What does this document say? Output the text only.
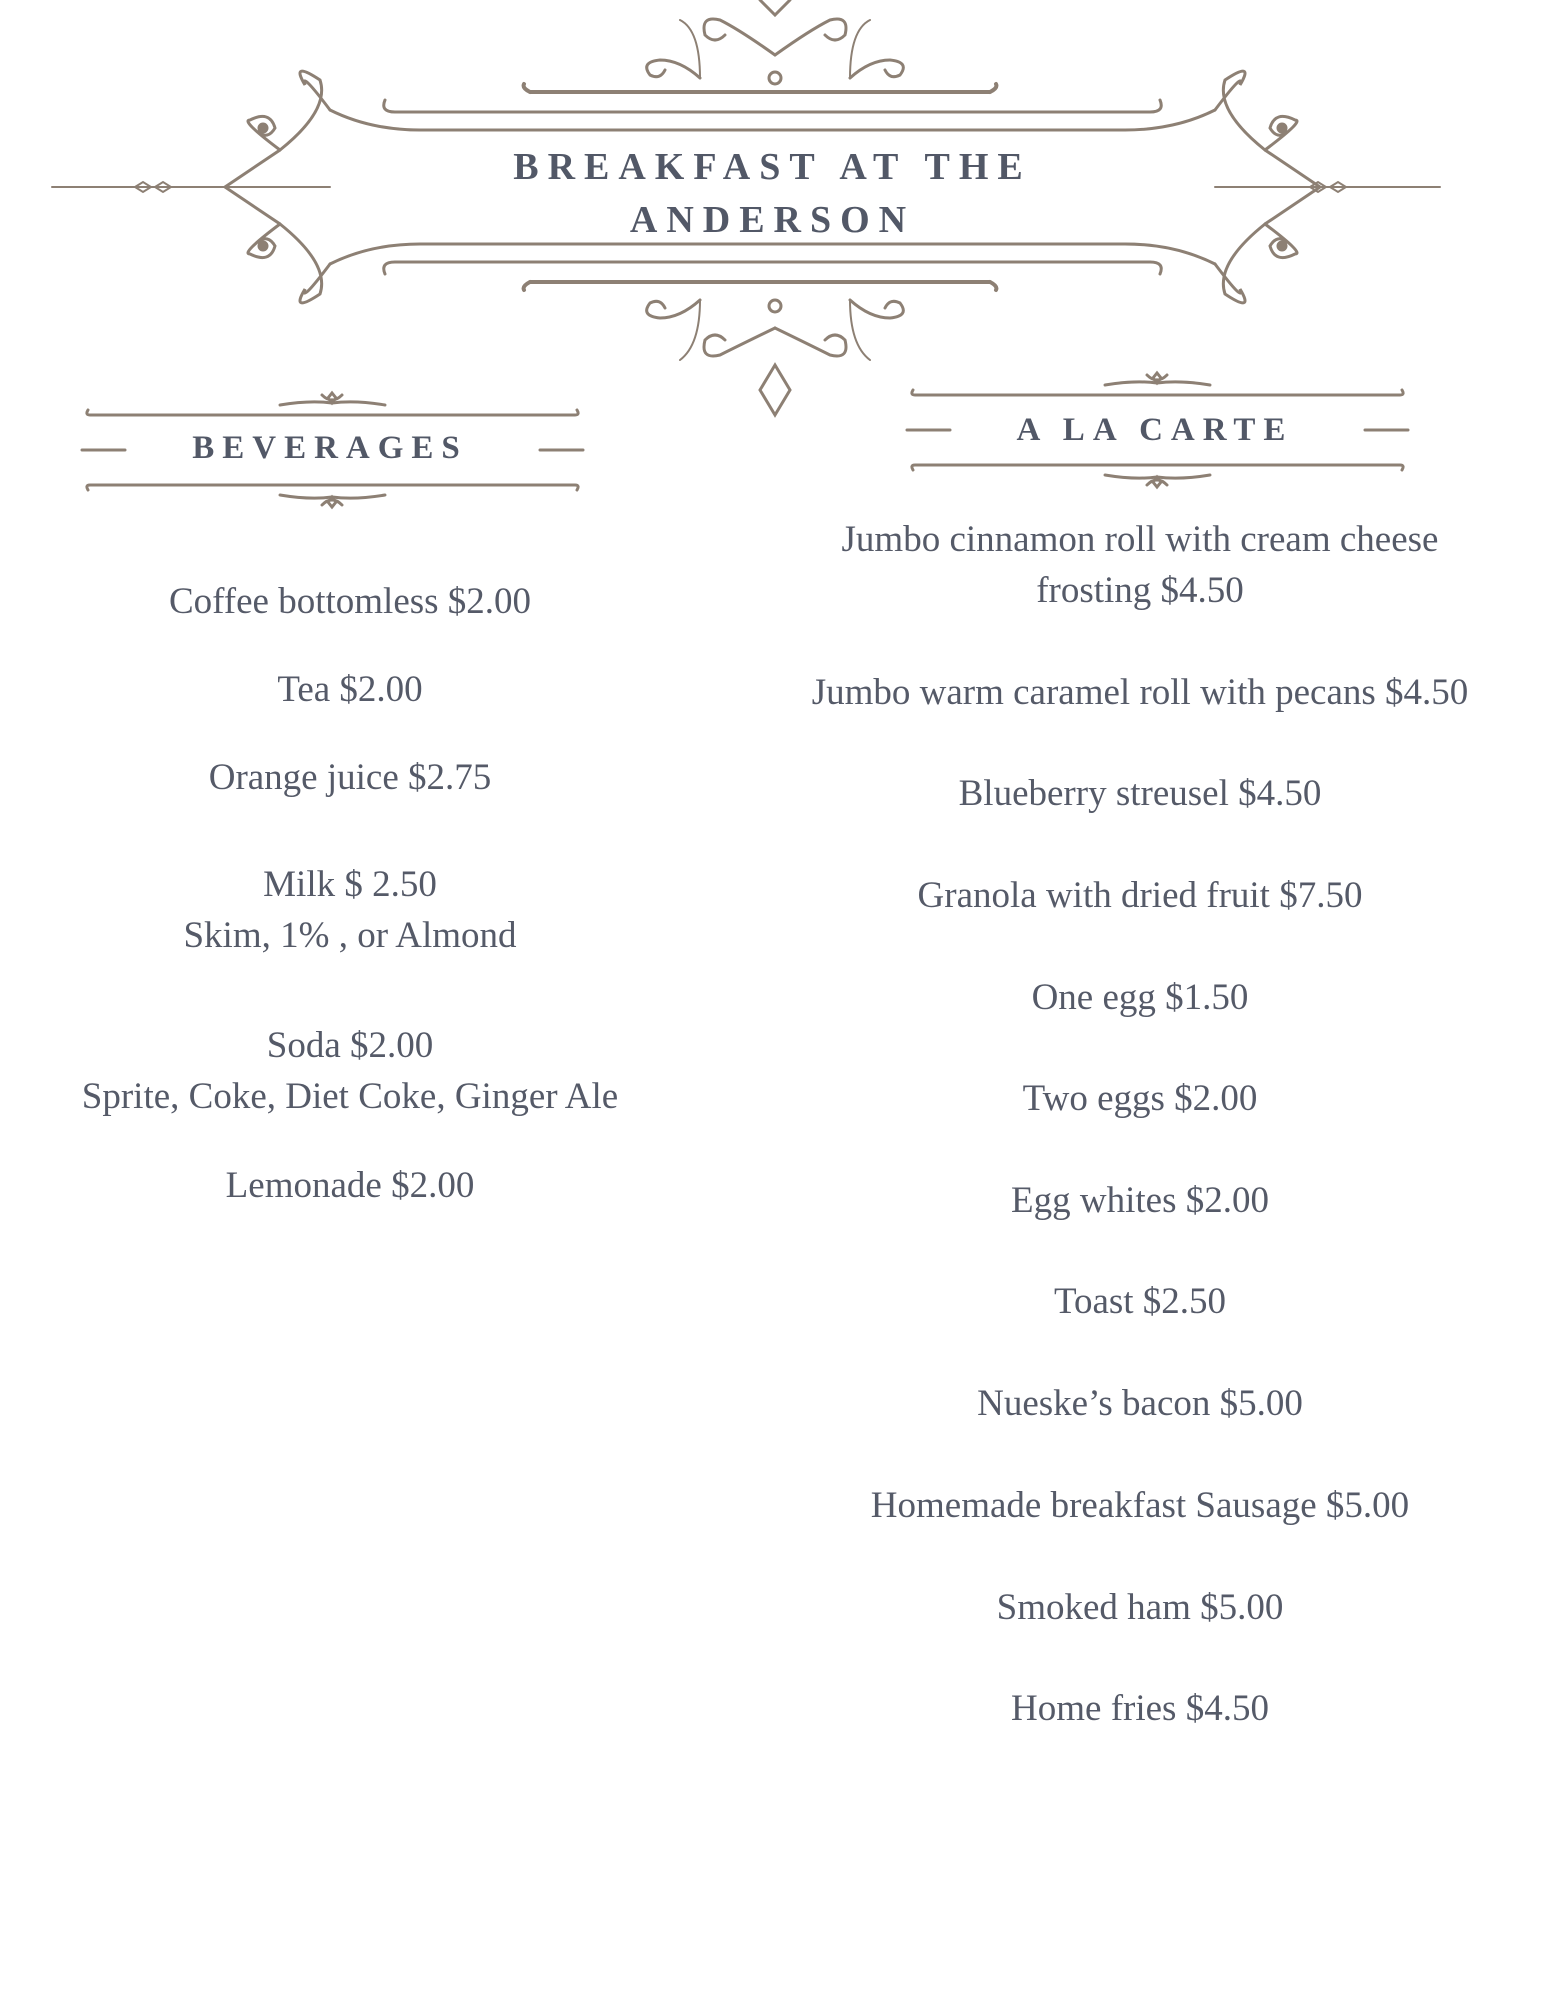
BREAKFAST AT THE
ANDERSON
BEVERAGES	A LA CARTE
Coffee bottomless $2.00
Tea $2.00
Orange juice $2.75
Milk $ 2.50
Skim, 1% , or Almond
Soda $2.00
Sprite, Coke, Diet Coke, Ginger Ale
Lemonade $2.00
Jumbo cinnamon roll with cream cheese
frosting $4.50
Jumbo warm caramel roll with pecans $4.50
Blueberry streusel $4.50
Granola with dried fruit $7.50
One egg $1.50
Two eggs $2.00
Egg whites $2.00
Toast $2.50
Nueske’s bacon $5.00
Homemade breakfast Sausage $5.00
Smoked ham $5.00
Home fries $4.50
